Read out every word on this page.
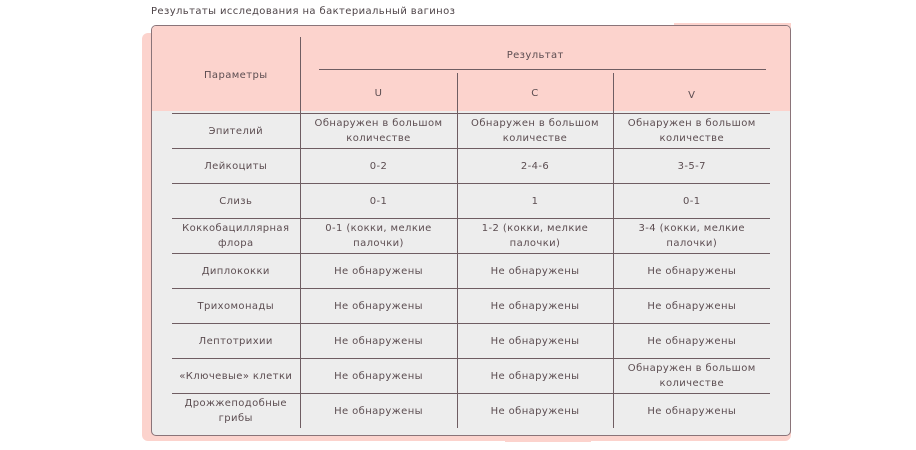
Результаты исследования на бактериальный вагиноз
Параметры	Результат		

	U	C	V
Эпителий	Обнаружен в большом количестве	Обнаружен в большом количестве	Обнаружен в большом количестве
Лейкоциты	0-2	2-4-6	3-5-7
Слизь	0-1	1	0-1
Коккобациллярная флора	0-1 (кокки, мелкие палочки)	1-2 (кокки, мелкие палочки)	3-4 (кокки, мелкие палочки)
Диплококки	Не обнаружены	Не обнаружены	Не обнаружены
Трихомонады	Не обнаружены	Не обнаружены	Не обнаружены
Лептотрихии	Не обнаружены	Не обнаружены	Не обнаружены
«Ключевые» клетки	Не обнаружены	Не обнаружены	Обнаружен в большом количестве
Дрожжеподобные грибы	Не обнаружены	Не обнаружены	Не обнаружены
